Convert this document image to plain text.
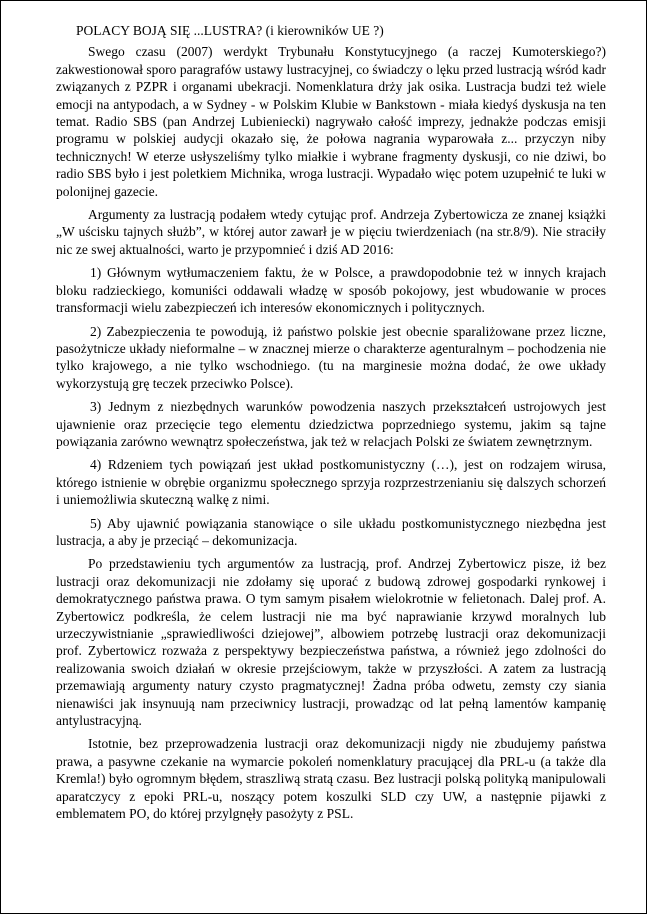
POLACY BOJĄ SIĘ ...LUSTRA? (i kierowników UE ?)

Swego czasu (2007) werdykt Trybunału Konstytucyjnego (a raczej Kumoterskiego?) zakwestionował sporo paragrafów ustawy lustracyjnej, co świadczy o lęku przed lustracją wśród kadr związanych z PZPR i organami ubekracji. Nomenklatura drży jak osika. Lustracja budzi też wiele emocji na antypodach, a w Sydney - w Polskim Klubie w Bankstown - miała kiedyś dyskusja na ten temat. Radio SBS (pan Andrzej Lubieniecki) nagrywało całość imprezy, jednakże podczas emisji programu w polskiej audycji okazało się, że połowa nagrania wyparowała z... przyczyn niby technicznych! W eterze usłyszeliśmy tylko miałkie i wybrane fragmenty dyskusji, co nie dziwi, bo radio SBS było i jest poletkiem Michnika, wroga lustracji. Wypadało więc potem uzupełnić te luki w polonijnej gazecie.

Argumenty za lustracją podałem wtedy cytując prof. Andrzeja Zybertowicza ze znanej książki „W uścisku tajnych służb”, w której autor zawarł je w pięciu twierdzeniach (na str.8/9). Nie straciły nic ze swej aktualności, warto je przypomnieć i dziś AD 2016:

1) Głównym wytłumaczeniem faktu, że w Polsce, a prawdopodobnie też w innych krajach bloku radzieckiego, komuniści oddawali władzę w sposób pokojowy, jest wbudowanie w proces transformacji wielu zabezpieczeń ich interesów ekonomicznych i politycznych.

2) Zabezpieczenia te powodują, iż państwo polskie jest obecnie sparaliżowane przez liczne, pasożytnicze układy nieformalne – w znacznej mierze o charakterze agenturalnym – pochodzenia nie tylko krajowego, a nie tylko wschodniego. (tu na marginesie można dodać, że owe układy wykorzystują grę teczek przeciwko Polsce).

3) Jednym z niezbędnych warunków powodzenia naszych przekształceń ustrojowych jest ujawnienie oraz przecięcie tego elementu dziedzictwa poprzedniego systemu, jakim są tajne powiązania zarówno wewnątrz społeczeństwa, jak też w relacjach Polski ze światem zewnętrznym.

4) Rdzeniem tych powiązań jest układ postkomunistyczny (…), jest on rodzajem wirusa, którego istnienie w obrębie organizmu społecznego sprzyja rozprzestrzenianiu się dalszych schorzeń i uniemożliwia skuteczną walkę z nimi.

5) Aby ujawnić powiązania stanowiące o sile układu postkomunistycznego niezbędna jest lustracja, a aby je przeciąć – dekomunizacja.

Po przedstawieniu tych argumentów za lustracją, prof. Andrzej Zybertowicz pisze, iż bez lustracji oraz dekomunizacji nie zdołamy się uporać z budową zdrowej gospodarki rynkowej i demokratycznego państwa prawa. O tym samym pisałem wielokrotnie w felietonach. Dalej prof. A. Zybertowicz podkreśla, że celem lustracji nie ma być naprawianie krzywd moralnych lub urzeczywistnianie „sprawiedliwości dziejowej”, albowiem potrzebę lustracji oraz dekomunizacji prof. Zybertowicz rozważa z perspektywy bezpieczeństwa państwa, a również jego zdolności do realizowania swoich działań w okresie przejściowym, także w przyszłości. A zatem za lustracją przemawiają argumenty natury czysto pragmatycznej! Żadna próba odwetu, zemsty czy siania nienawiści jak insynuują nam przeciwnicy lustracji, prowadząc od lat pełną lamentów kampanię antylustracyjną.

Istotnie, bez przeprowadzenia lustracji oraz dekomunizacji nigdy nie zbudujemy państwa prawa, a pasywne czekanie na wymarcie pokoleń nomenklatury pracującej dla PRL-u (a także dla Kremla!) było ogromnym błędem, straszliwą stratą czasu. Bez lustracji polską polityką manipulowali aparatczycy z epoki PRL-u, noszący potem koszulki SLD czy UW, a następnie pijawki z emblematem PO, do której przylgnęły pasożyty z PSL.
